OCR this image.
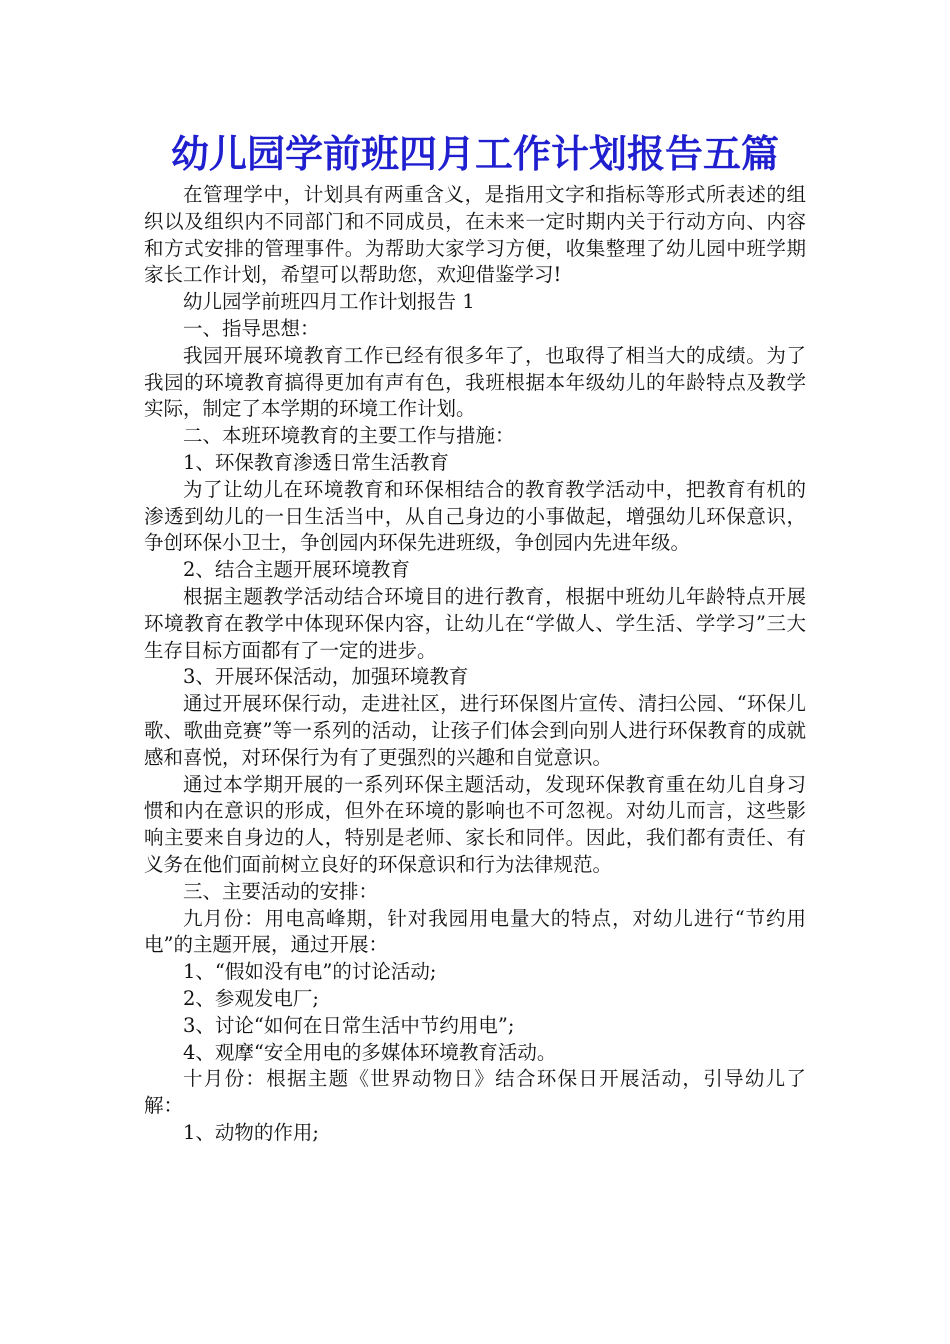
幼儿园学前班四月工作计划报告五篇

在管理学中，计划具有两重含义，是指用文字和指标等形式所表述的组织以及组织内不同部门和不同成员，在未来一定时期内关于行动方向、内容和方式安排的管理事件。为帮助大家学习方便，收集整理了幼儿园中班学期家长工作计划，希望可以帮助您，欢迎借鉴学习!

幼儿园学前班四月工作计划报告 1

一、指导思想：

我园开展环境教育工作已经有很多年了，也取得了相当大的成绩。为了我园的环境教育搞得更加有声有色，我班根据本年级幼儿的年龄特点及教学实际，制定了本学期的环境工作计划。

二、本班环境教育的主要工作与措施：

1、环保教育渗透日常生活教育

为了让幼儿在环境教育和环保相结合的教育教学活动中，把教育有机的渗透到幼儿的一日生活当中，从自己身边的小事做起，增强幼儿环保意识，争创环保小卫士，争创园内环保先进班级，争创园内先进年级。

2、结合主题开展环境教育

根据主题教学活动结合环境目的进行教育，根据中班幼儿年龄特点开展环境教育在教学中体现环保内容，让幼儿在“学做人、学生活、学学习”三大生存目标方面都有了一定的进步。

3、开展环保活动，加强环境教育

通过开展环保行动，走进社区，进行环保图片宣传、清扫公园、“环保儿歌、歌曲竞赛”等一系列的活动，让孩子们体会到向别人进行环保教育的成就感和喜悦，对环保行为有了更强烈的兴趣和自觉意识。

通过本学期开展的一系列环保主题活动，发现环保教育重在幼儿自身习惯和内在意识的形成，但外在环境的影响也不可忽视。对幼儿而言，这些影响主要来自身边的人，特别是老师、家长和同伴。因此，我们都有责任、有义务在他们面前树立良好的环保意识和行为法律规范。

三、主要活动的安排：

九月份：用电高峰期，针对我园用电量大的特点，对幼儿进行“节约用电”的主题开展，通过开展：

1、“假如没有电”的讨论活动;

2、参观发电厂;

3、讨论“如何在日常生活中节约用电”;

4、观摩“安全用电的多媒体环境教育活动。

十月份：根据主题《世界动物日》结合环保日开展活动，引导幼儿了解：

1、动物的作用;
